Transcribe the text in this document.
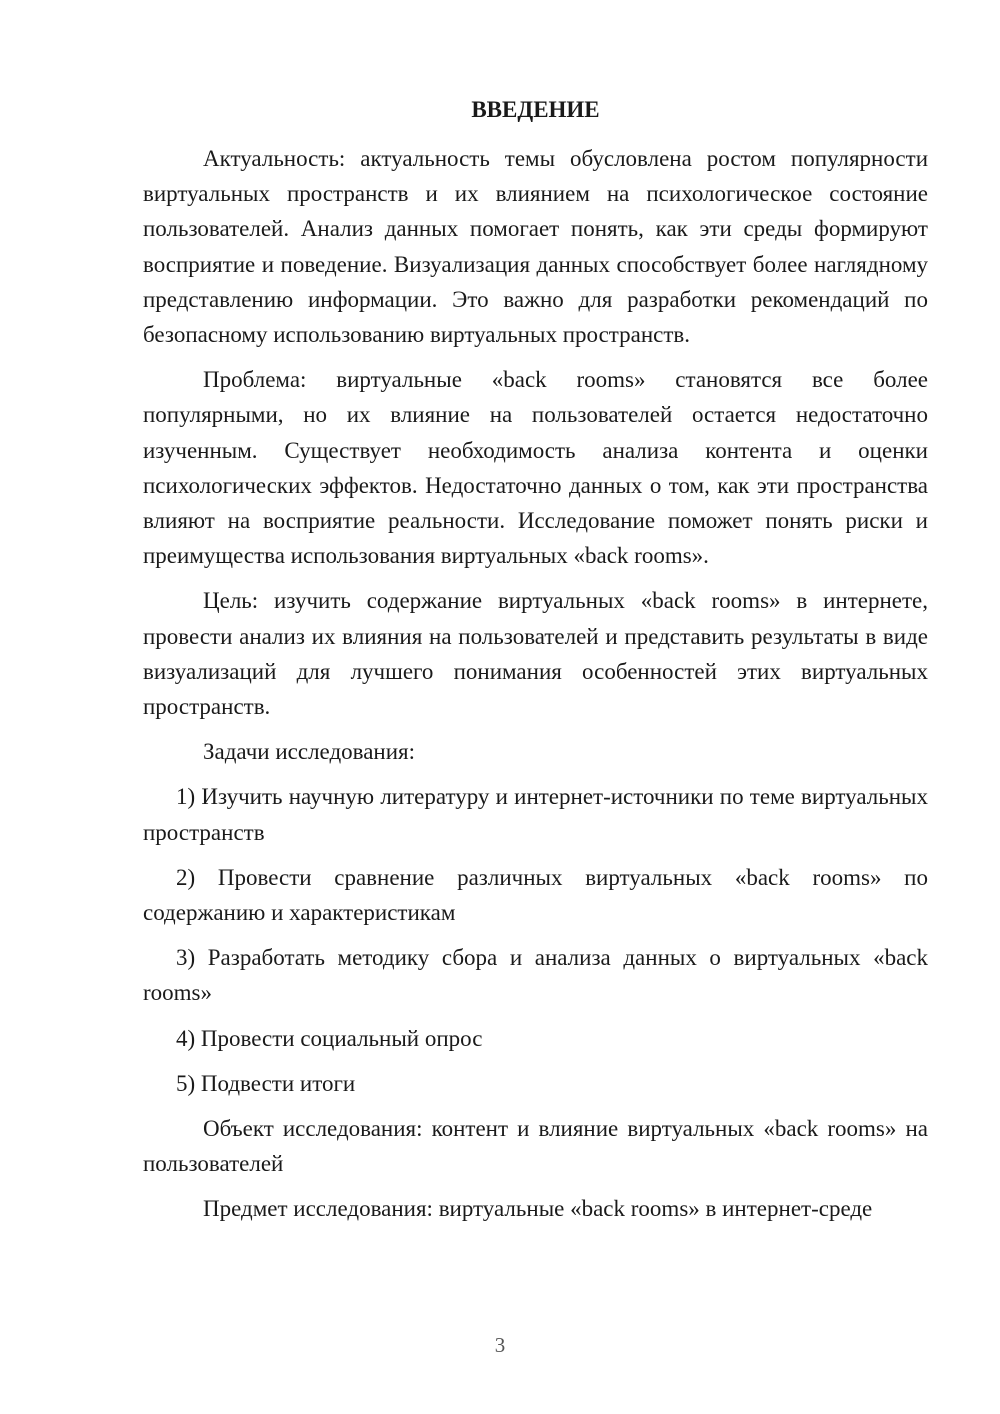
ВВЕДЕНИЕ

Актуальность: актуальность темы обусловлена ростом популярности виртуальных пространств и их влиянием на психологическое состояние пользователей. Анализ данных помогает понять, как эти среды формируют восприятие и поведение. Визуализация данных способствует более наглядному представлению информации. Это важно для разработки рекомендаций по безопасному использованию виртуальных пространств.

Проблема: виртуальные «back rooms» становятся все более популярными, но их влияние на пользователей остается недостаточно изученным. Существует необходимость анализа контента и оценки психологических эффектов. Недостаточно данных о том, как эти пространства влияют на восприятие реальности. Исследование поможет понять риски и преимущества использования виртуальных «back rooms».

Цель: изучить содержание виртуальных «back rooms» в интернете, провести анализ их влияния на пользователей и представить результаты в виде визуализаций для лучшего понимания особенностей этих виртуальных пространств.

Задачи исследования:

1) Изучить научную литературу и интернет-источники по теме виртуальных пространств

2) Провести сравнение различных виртуальных «back rooms» по содержанию и характеристикам

3) Разработать методику сбора и анализа данных о виртуальных «back rooms»

4) Провести социальный опрос

5) Подвести итоги

Объект исследования: контент и влияние виртуальных «back rooms» на пользователей

Предмет исследования: виртуальные «back rooms» в интернет-среде

3
